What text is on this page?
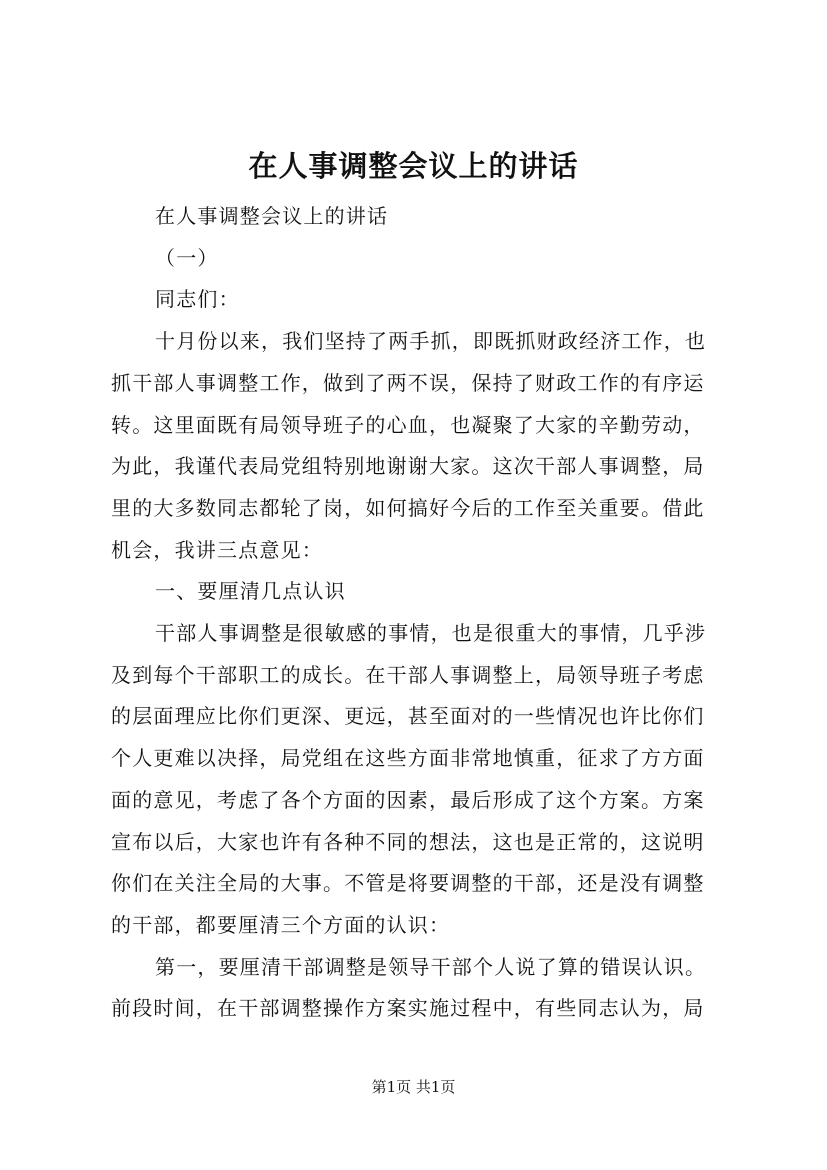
在人事调整会议上的讲话

在人事调整会议上的讲话

（一）

同志们：

十月份以来，我们坚持了两手抓，即既抓财政经济工作，也

抓干部人事调整工作，做到了两不误，保持了财政工作的有序运

转。这里面既有局领导班子的心血，也凝聚了大家的辛勤劳动，

为此，我谨代表局党组特别地谢谢大家。这次干部人事调整，局

里的大多数同志都轮了岗，如何搞好今后的工作至关重要。借此

机会，我讲三点意见：

一、要厘清几点认识

干部人事调整是很敏感的事情，也是很重大的事情，几乎涉

及到每个干部职工的成长。在干部人事调整上，局领导班子考虑

的层面理应比你们更深、更远，甚至面对的一些情况也许比你们

个人更难以决择，局党组在这些方面非常地慎重，征求了方方面

面的意见，考虑了各个方面的因素，最后形成了这个方案。方案

宣布以后，大家也许有各种不同的想法，这也是正常的，这说明

你们在关注全局的大事。不管是将要调整的干部，还是没有调整

的干部，都要厘清三个方面的认识：

第一，要厘清干部调整是领导干部个人说了算的错误认识。

前段时间，在干部调整操作方案实施过程中，有些同志认为，局

第1页 共1页
